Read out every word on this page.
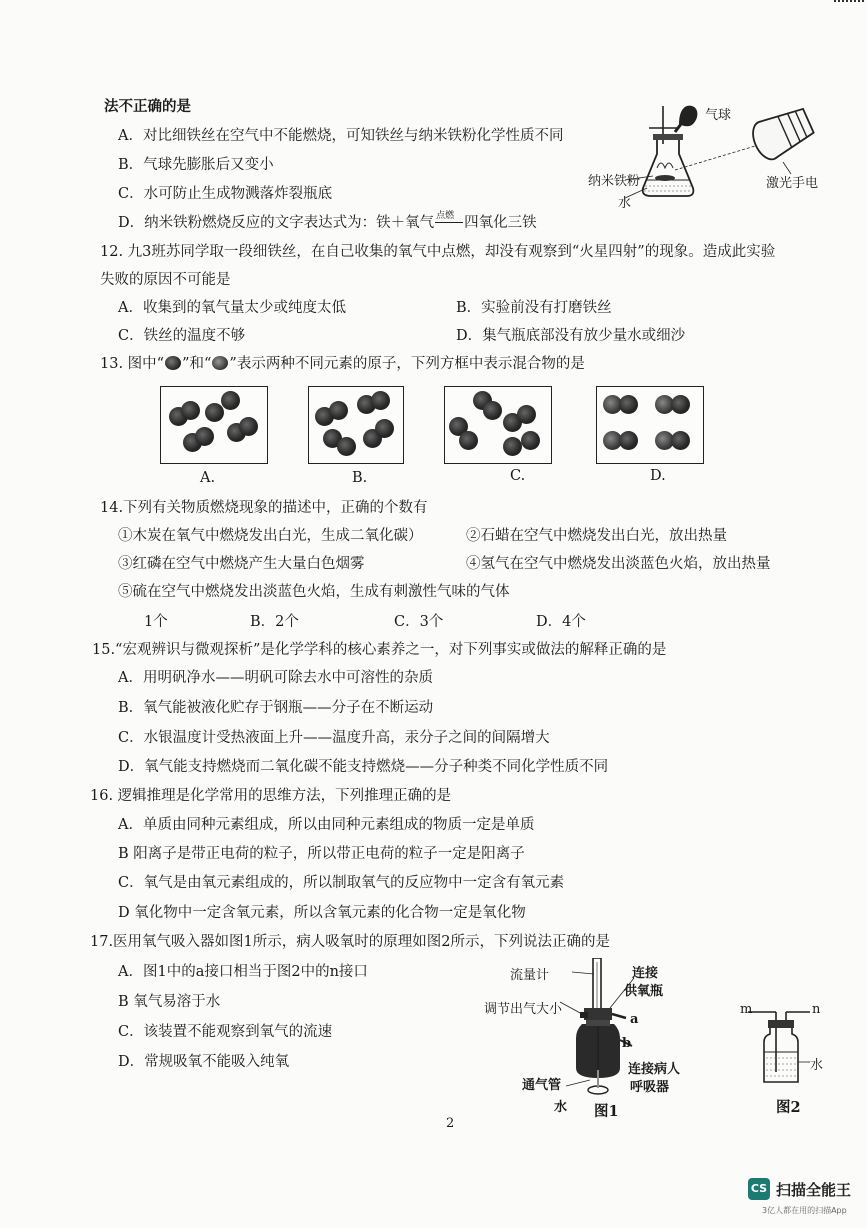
法不正确的是
A．对比细铁丝在空气中不能燃烧，可知铁丝与纳米铁粉化学性质不同
B．气球先膨胀后又变小
C．水可防止生成物溅落炸裂瓶底
D．纳米铁粉燃烧反应的文字表达式为：铁＋氧气 点燃 四氧化三铁
气球
纳米铁粉
水
激光手电
12. 九3班苏同学取一段细铁丝，在自己收集的氧气中点燃，却没有观察到“火星四射”的现象。造成此实验
失败的原因不可能是
A．收集到的氧气量太少或纯度太低	B．实验前没有打磨铁丝
C．铁丝的温度不够	D．集气瓶底部没有放少量水或细沙
13. 图中“ ”和“ ”表示两种不同元素的原子，下列方框中表示混合物的是
A.	B.	C.	D.
14.下列有关物质燃烧现象的描述中，正确的个数有
①木炭在氧气中燃烧发出白光，生成二氧化碳）	②石蜡在空气中燃烧发出白光，放出热量
③红磷在空气中燃烧产生大量白色烟雾	④氢气在空气中燃烧发出淡蓝色火焰，放出热量
⑤硫在空气中燃烧发出淡蓝色火焰，生成有刺激性气味的气体
1个	B．2个	C．3个	D．4个
15.“宏观辨识与微观探析”是化学学科的核心素养之一，对下列事实或做法的解释正确的是
A．用明矾净水——明矾可除去水中可溶性的杂质
B．氧气能被液化贮存于钢瓶——分子在不断运动
C．水银温度计受热液面上升——温度升高，汞分子之间的间隔增大
D．氧气能支持燃烧而二氧化碳不能支持燃烧——分子种类不同化学性质不同
16. 逻辑推理是化学常用的思维方法，下列推理正确的是
A．单质由同种元素组成，所以由同种元素组成的物质一定是单质
B 阳离子是带正电荷的粒子，所以带正电荷的粒子一定是阳离子
C．氧气是由氧元素组成的，所以制取氧气的反应物中一定含有氧元素
D 氧化物中一定含氧元素，所以含氧元素的化合物一定是氧化物
17.医用氧气吸入器如图1所示，病人吸氧时的原理如图2所示，下列说法正确的是
A．图1中的a接口相当于图2中的n接口
B 氧气易溶于水
C．该装置不能观察到氧气的流速
D．常规吸氧不能吸入纯氧
流量计	连接
供氧瓶
调节出气大小
a
b
连接病人
呼吸器
通气管
水 图1
m	n
水
图2
2
CS 扫描全能王
3亿人都在用的扫描App
